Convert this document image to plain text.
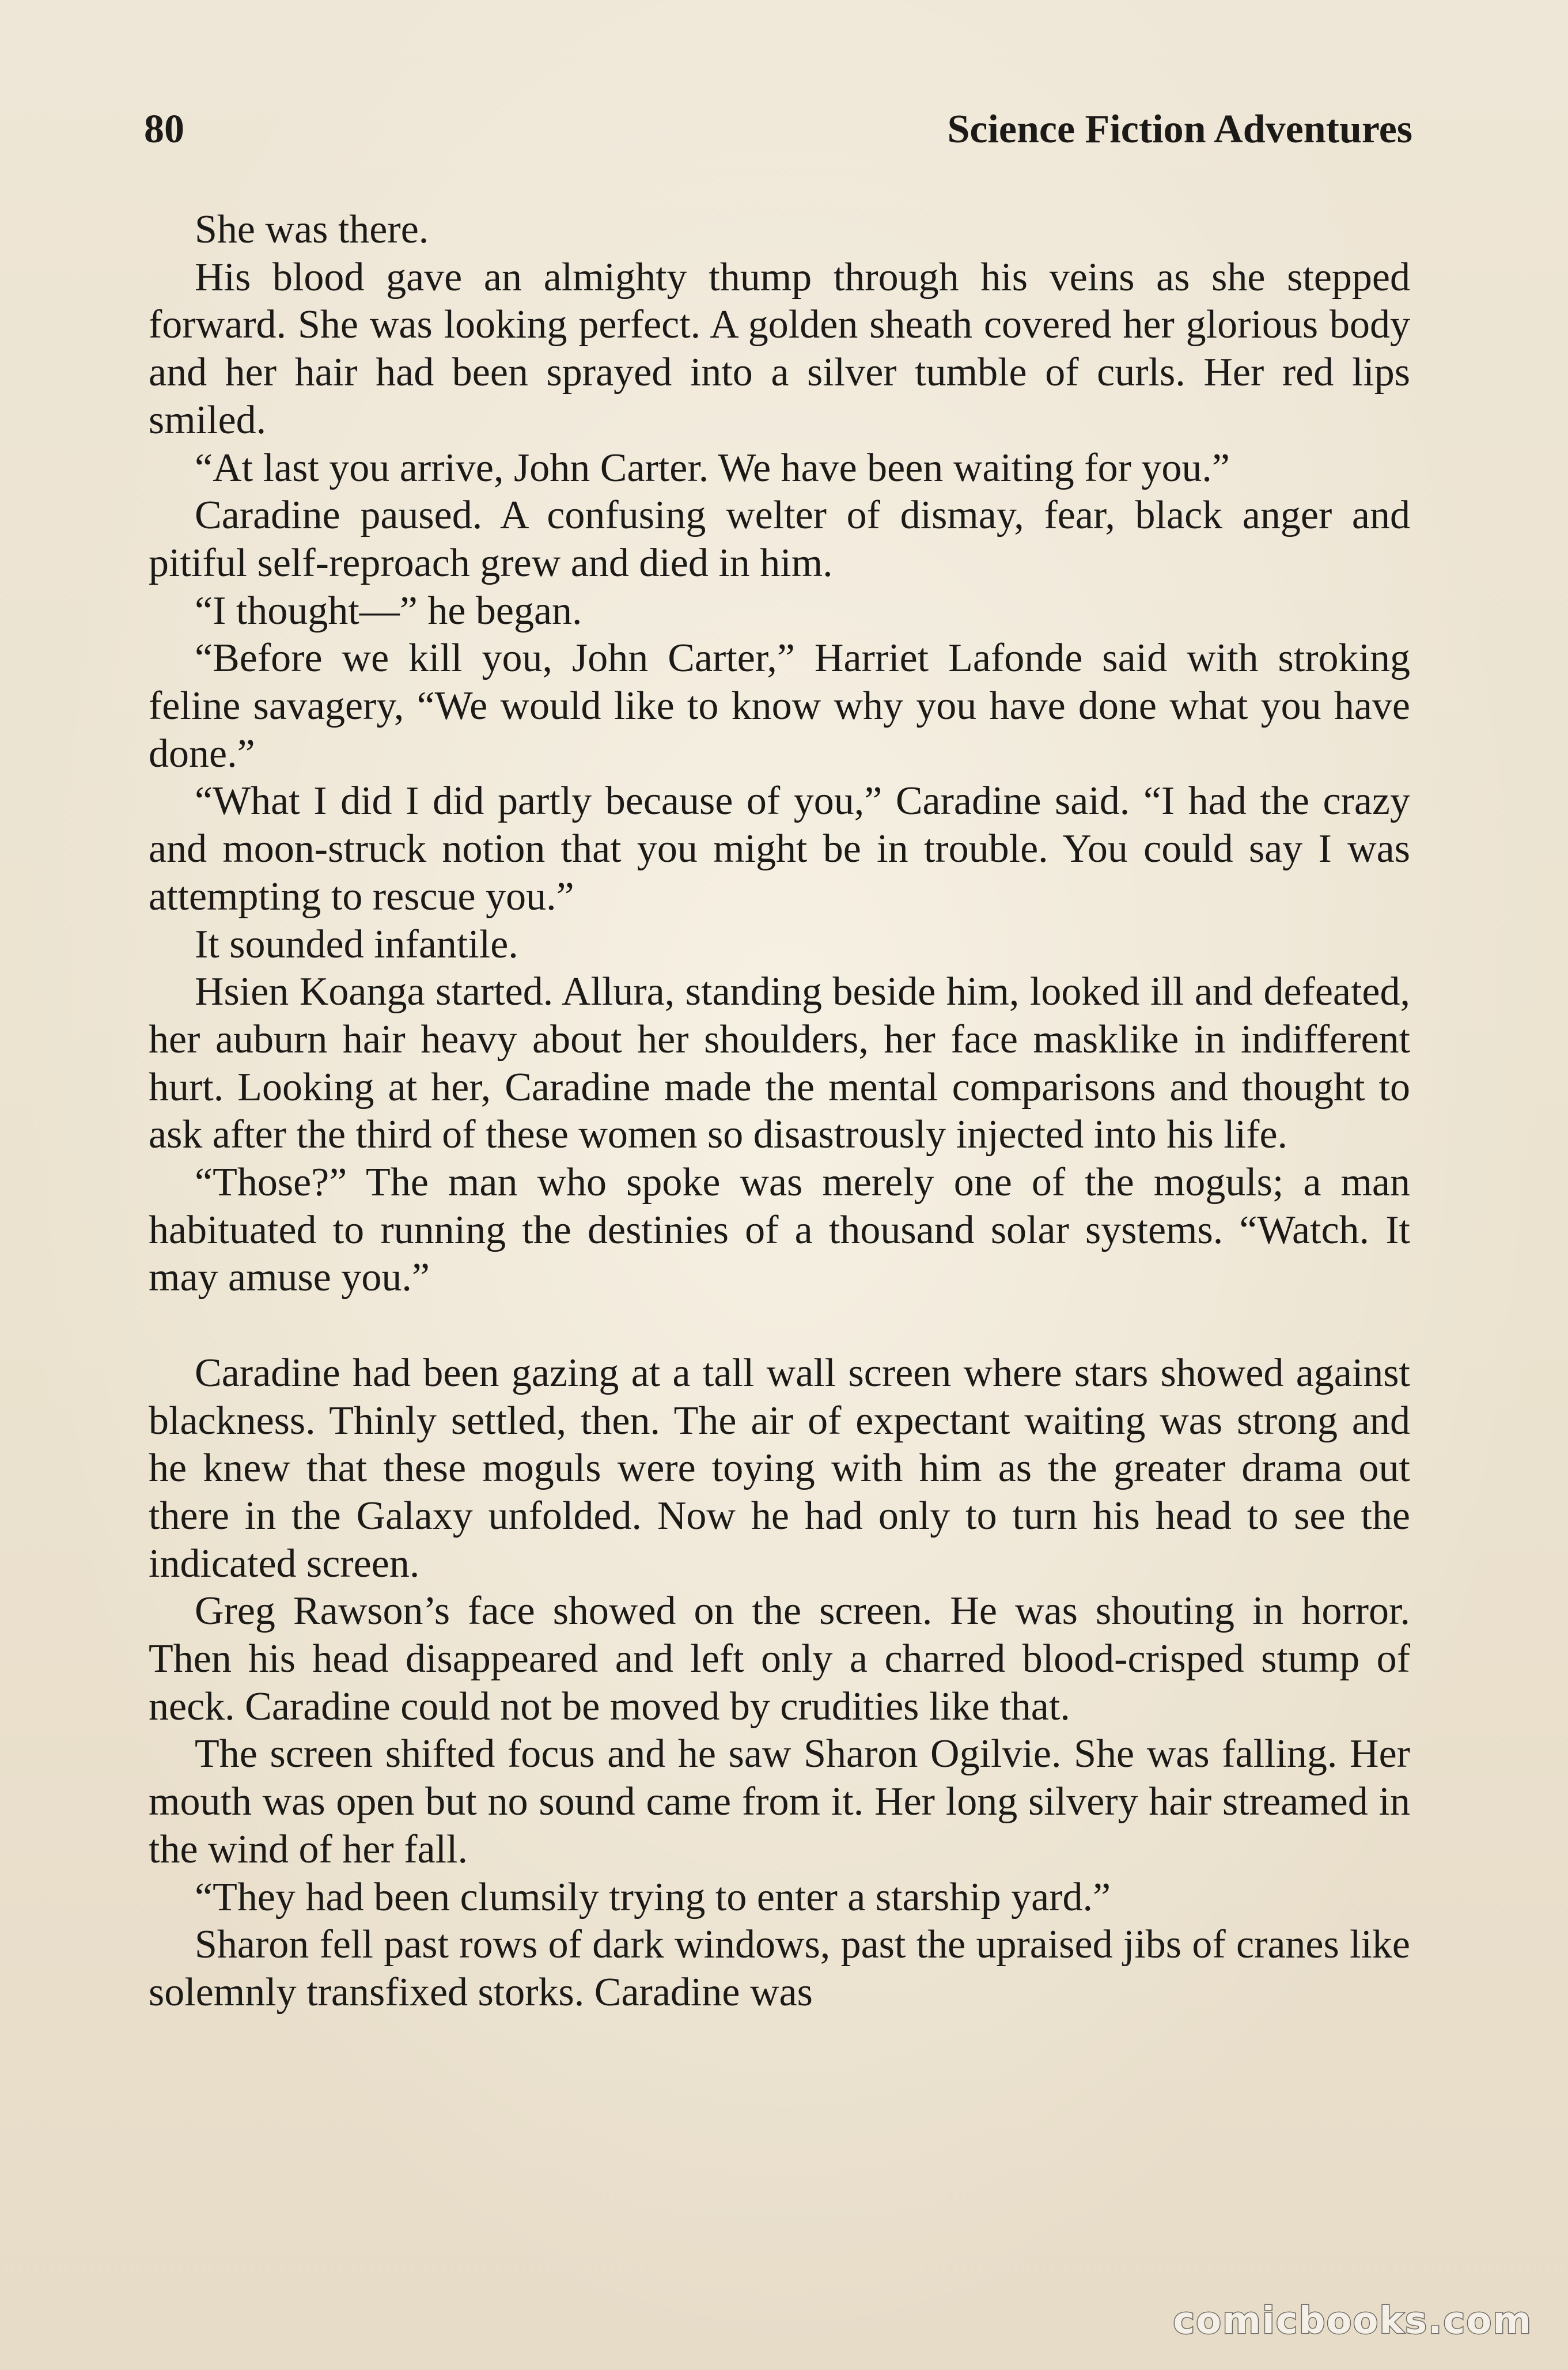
80	Science Fiction Adventures

She was there.

His blood gave an almighty thump through his veins as she stepped forward. She was looking perfect. A golden sheath covered her glorious body and her hair had been sprayed into a silver tumble of curls. Her red lips smiled.

“At last you arrive, John Carter. We have been waiting for you.”

Caradine paused. A confusing welter of dismay, fear, black anger and pitiful self-reproach grew and died in him.

“I thought—” he began.

“Before we kill you, John Carter,” Harriet Lafonde said with stroking feline savagery, “We would like to know why you have done what you have done.”

“What I did I did partly because of you,” Caradine said. “I had the crazy and moon-struck notion that you might be in trouble. You could say I was attempting to rescue you.”

It sounded infantile.

Hsien Koanga started. Allura, standing beside him, looked ill and defeated, her auburn hair heavy about her shoulders, her face masklike in indifferent hurt. Looking at her, Caradine made the mental comparisons and thought to ask after the third of these women so disastrously injected into his life.

“Those?” The man who spoke was merely one of the moguls; a man habituated to running the destinies of a thousand solar systems. “Watch. It may amuse you.”

Caradine had been gazing at a tall wall screen where stars showed against blackness. Thinly settled, then. The air of expectant waiting was strong and he knew that these moguls were toying with him as the greater drama out there in the Galaxy unfolded. Now he had only to turn his head to see the indicated screen.

Greg Rawson’s face showed on the screen. He was shouting in horror. Then his head disappeared and left only a charred blood-crisped stump of neck. Caradine could not be moved by crudities like that.

The screen shifted focus and he saw Sharon Ogilvie. She was falling. Her mouth was open but no sound came from it. Her long silvery hair streamed in the wind of her fall.

“They had been clumsily trying to enter a starship yard.”

Sharon fell past rows of dark windows, past the upraised jibs of cranes like solemnly transfixed storks. Caradine was

comicbooks.com
